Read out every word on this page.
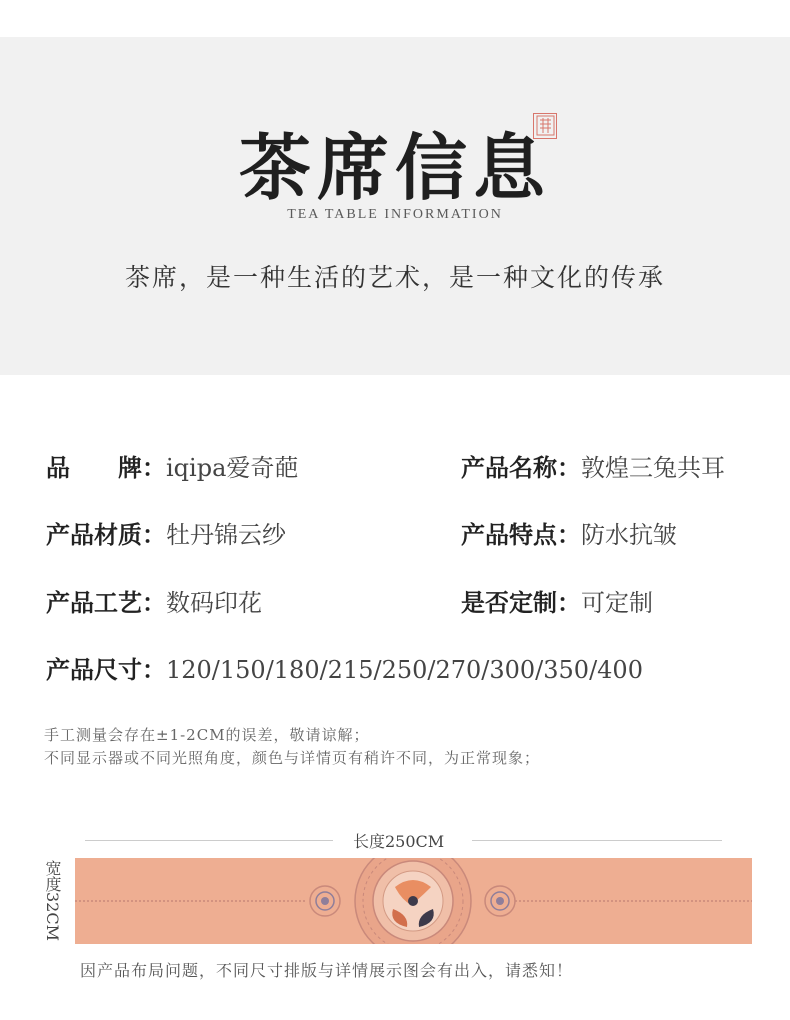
茶席信息
TEA TABLE INFORMATION
茶席，是一种生活的艺术，是一种文化的传承
品　　牌：iqipa爱奇葩	产品名称：敦煌三兔共耳
产品材质：牡丹锦云纱	产品特点：防水抗皱
产品工艺：数码印花	是否定制：可定制
产品尺寸：120/150/180/215/250/270/300/350/400
手工测量会存在±1-2CM的误差，敬请谅解；
不同显示器或不同光照角度，颜色与详情页有稍许不同，为正常现象；
长度250CM
宽度32CM
因产品布局问题，不同尺寸排版与详情展示图会有出入，请悉知！
